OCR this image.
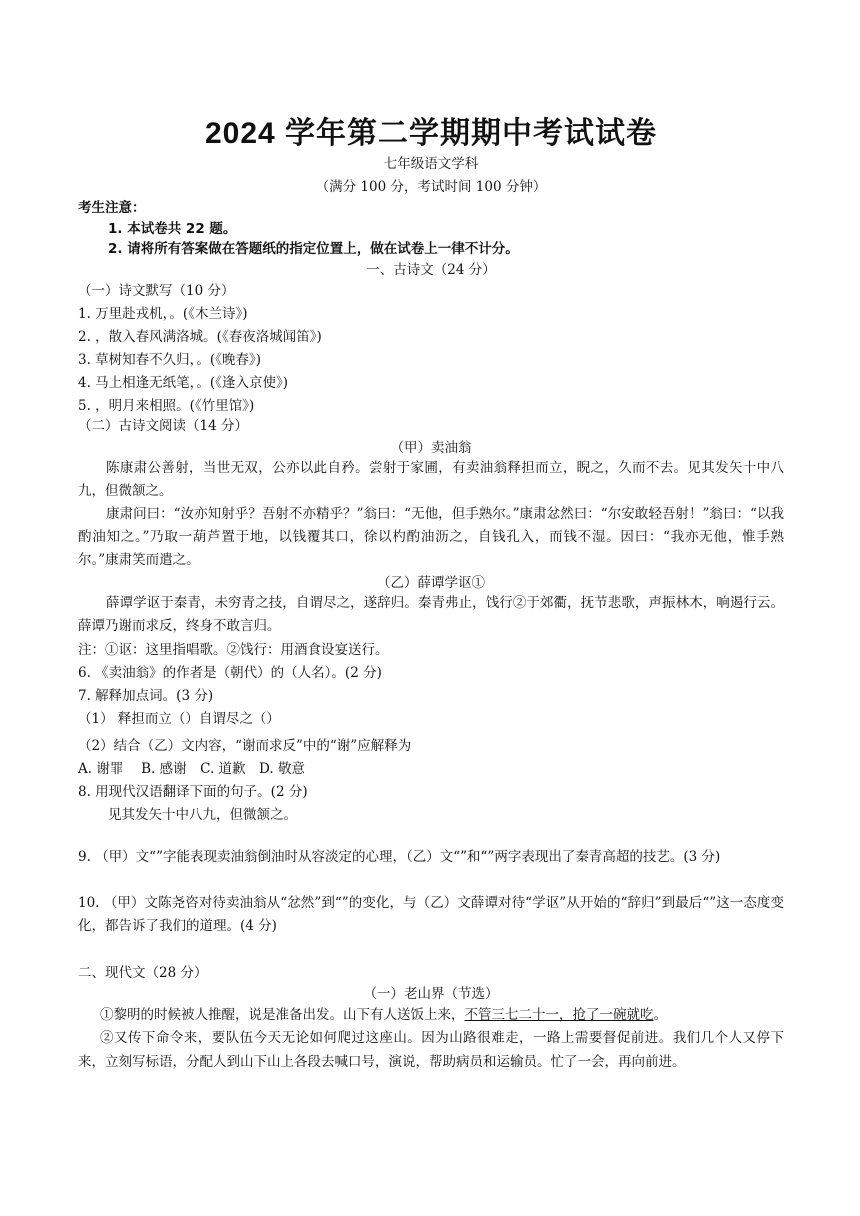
2024 学年第二学期期中考试试卷
七年级语文学科
（满分 100 分，考试时间 100 分钟）
考生注意：
1. 本试卷共 22 题。
2. 请将所有答案做在答题纸的指定位置上，做在试卷上一律不计分。
一、古诗文（24 分）
（一）诗文默写（10 分）
1. 万里赴戎机，。(《木兰诗》)
2. ，散入春风满洛城。(《春夜洛城闻笛》)
3. 草树知春不久归，。(《晚春》)
4. 马上相逢无纸笔，。(《逢入京使》)
5. ，明月来相照。(《竹里馆》)
（二）古诗文阅读（14 分）
（甲）卖油翁
陈康肃公善射，当世无双，公亦以此自矜。尝射于家圃，有卖油翁释担而立，睨之，久而不去。见其发矢十中八九，但微颔之。
康肃问曰：“汝亦知射乎？吾射不亦精乎？”翁曰：“无他，但手熟尔。”康肃忿然曰：“尔安敢轻吾射！”翁曰：“以我酌油知之。”乃取一葫芦置于地，以钱覆其口，徐以杓酌油沥之，自钱孔入，而钱不湿。因曰：“我亦无他，惟手熟尔。”康肃笑而遣之。
（乙）薛谭学讴①
薛谭学讴于秦青，未穷青之技，自谓尽之，遂辞归。秦青弗止，饯行②于郊衢，抚节悲歌，声振林木，响遏行云。薛谭乃谢而求反，终身不敢言归。
注：①讴：这里指唱歌。②饯行：用酒食设宴送行。
6. 《卖油翁》的作者是（朝代）的（人名）。(2 分)
7. 解释加点词。(3 分)
（1） 释担而立（）自谓尽之（）
（2）结合（乙）文内容，“谢而求反”中的“谢”应解释为
A. 谢罪　 B. 感谢　C. 道歉　D. 敬意
8. 用现代汉语翻译下面的句子。(2 分)
见其发矢十中八九，但微颔之。
9. （甲）文“”字能表现卖油翁倒油时从容淡定的心理，（乙）文“”和“”两字表现出了秦青高超的技艺。(3 分)
10. （甲）文陈尧咨对待卖油翁从“忿然”到“”的变化，与（乙）文薛谭对待“学讴”从开始的“辞归”到最后“”这一态度变化，都告诉了我们的道理。(4 分)
二、现代文（28 分）
（一）老山界（节选）
①黎明的时候被人推醒，说是准备出发。山下有人送饭上来，不管三七二十一，抢了一碗就吃。
②又传下命令来，要队伍今天无论如何爬过这座山。因为山路很难走，一路上需要督促前进。我们几个人又停下来，立刻写标语，分配人到山下山上各段去喊口号，演说，帮助病员和运输员。忙了一会，再向前进。
